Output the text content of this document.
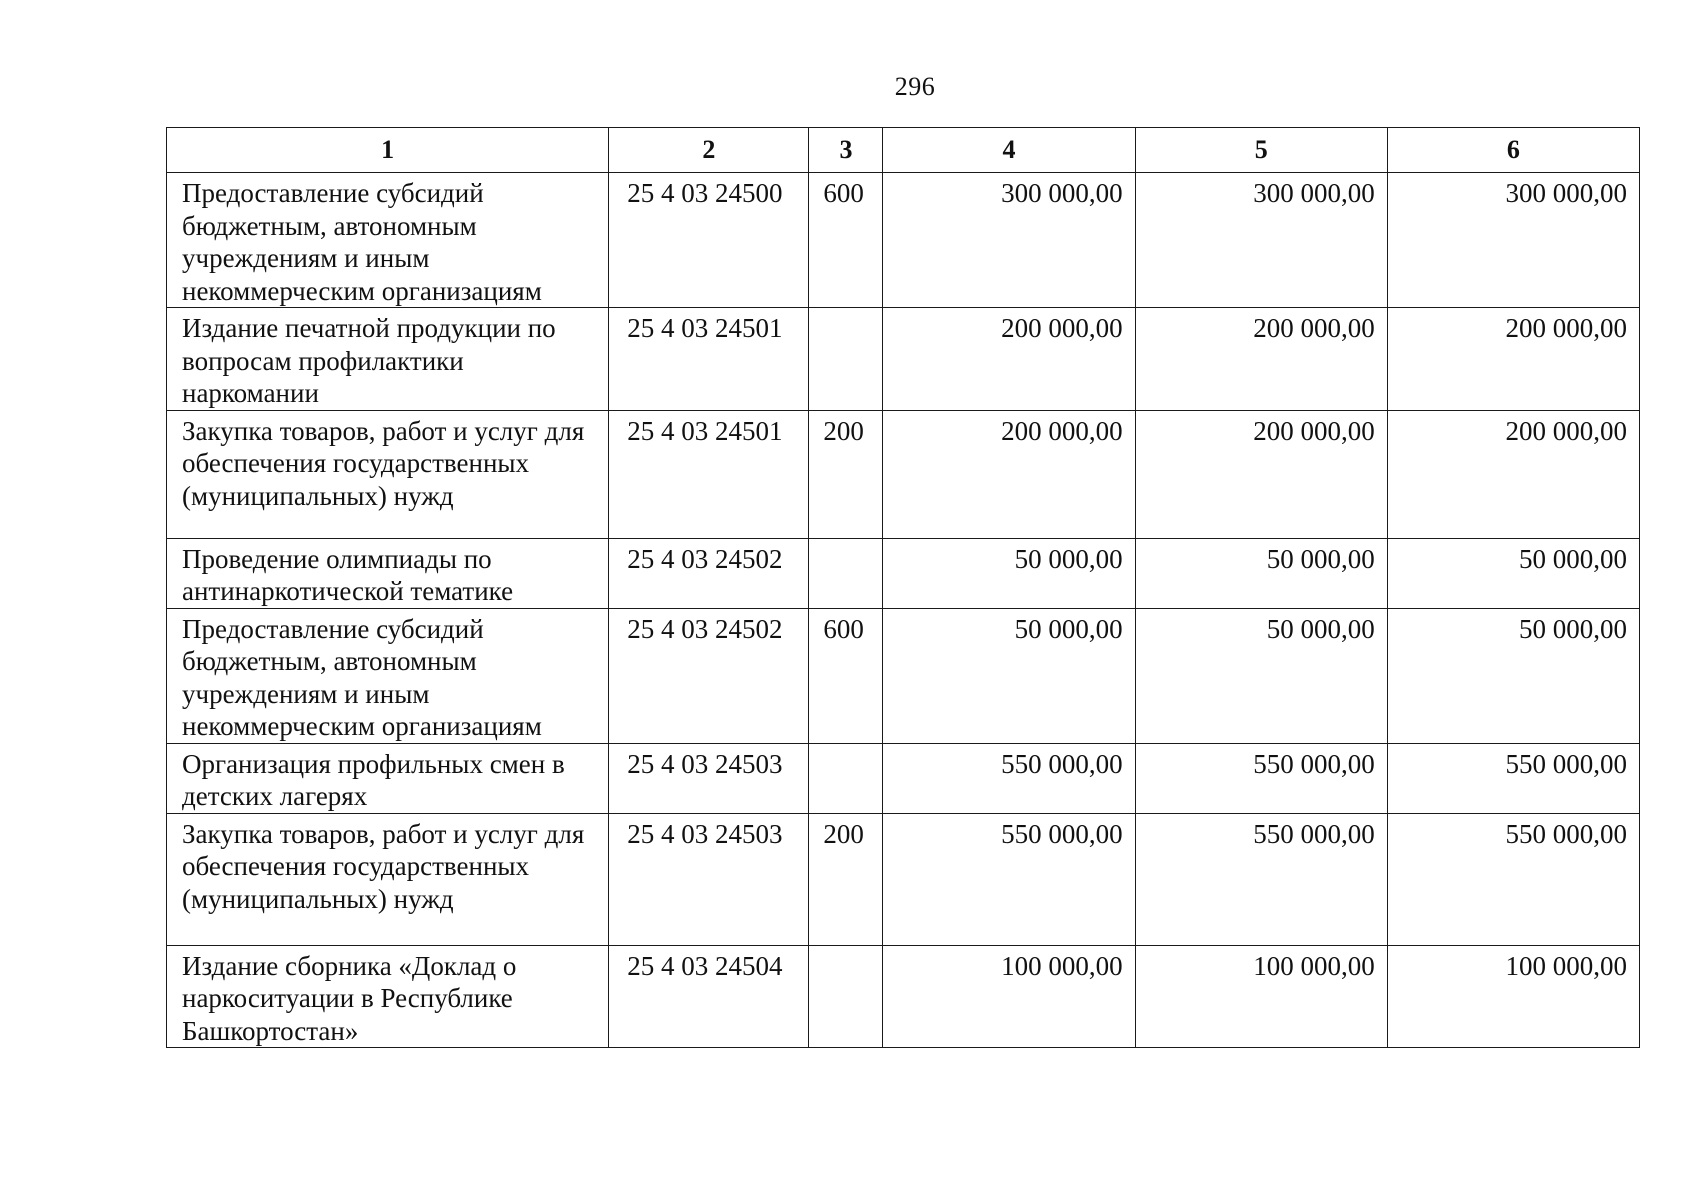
296
1	2	3	4	5	6
Предоставление субсидий бюджетным, автономным учреждениям и иным некоммерческим организациям	25 4 03 24500	600	300 000,00	300 000,00	300 000,00
Издание печатной продукции по вопросам профилактики наркомании	25 4 03 24501		200 000,00	200 000,00	200 000,00
Закупка товаров, работ и услуг для обеспечения государственных (муниципальных) нужд	25 4 03 24501	200	200 000,00	200 000,00	200 000,00
Проведение олимпиады по антинаркотической тематике	25 4 03 24502		50 000,00	50 000,00	50 000,00
Предоставление субсидий бюджетным, автономным учреждениям и иным некоммерческим организациям	25 4 03 24502	600	50 000,00	50 000,00	50 000,00
Организация профильных смен в детских лагерях	25 4 03 24503		550 000,00	550 000,00	550 000,00
Закупка товаров, работ и услуг для обеспечения государственных (муниципальных) нужд	25 4 03 24503	200	550 000,00	550 000,00	550 000,00
Издание сборника «Доклад о наркоситуации в Республике Башкортостан»	25 4 03 24504		100 000,00	100 000,00	100 000,00
